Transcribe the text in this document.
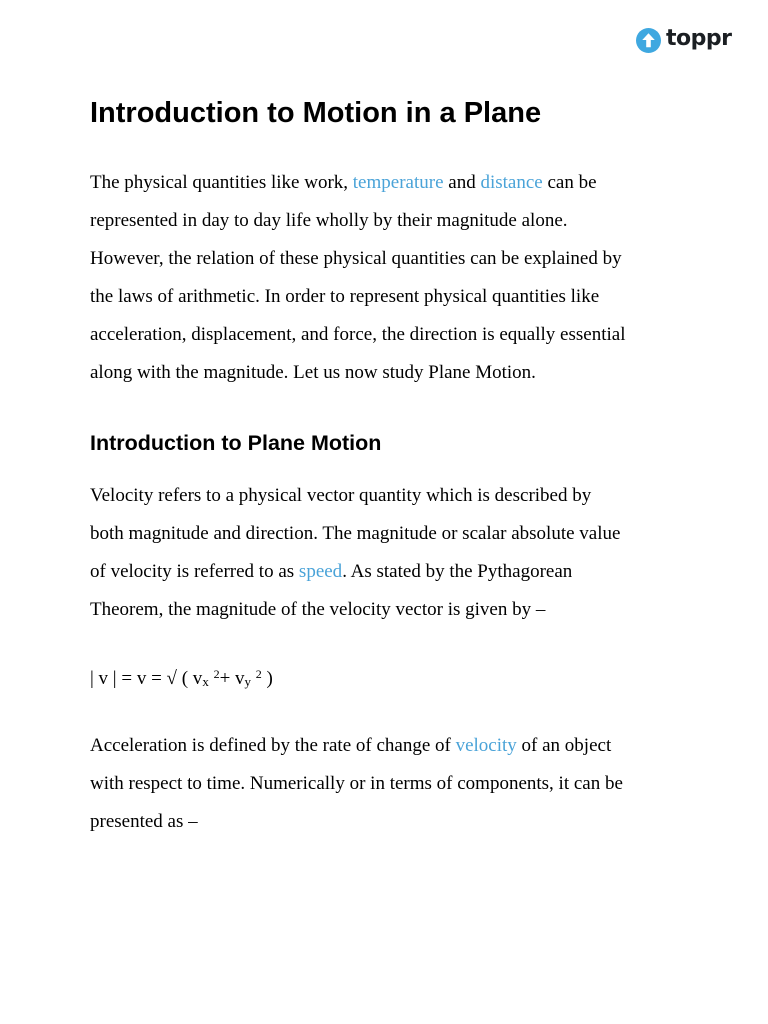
toppr
Introduction to Motion in a Plane
The physical quantities like work, temperature and distance can be
represented in day to day life wholly by their magnitude alone.
However, the relation of these physical quantities can be explained by
the laws of arithmetic. In order to represent physical quantities like
acceleration, displacement, and force, the direction is equally essential
along with the magnitude. Let us now study Plane Motion.
Introduction to Plane Motion
Velocity refers to a physical vector quantity which is described by
both magnitude and direction. The magnitude or scalar absolute value
of velocity is referred to as speed. As stated by the Pythagorean
Theorem, the magnitude of the velocity vector is given by –
| v | = v = √ ( vx $^2$+ vy $^2$ )
Acceleration is defined by the rate of change of velocity of an object
with respect to time. Numerically or in terms of components, it can be
presented as –
